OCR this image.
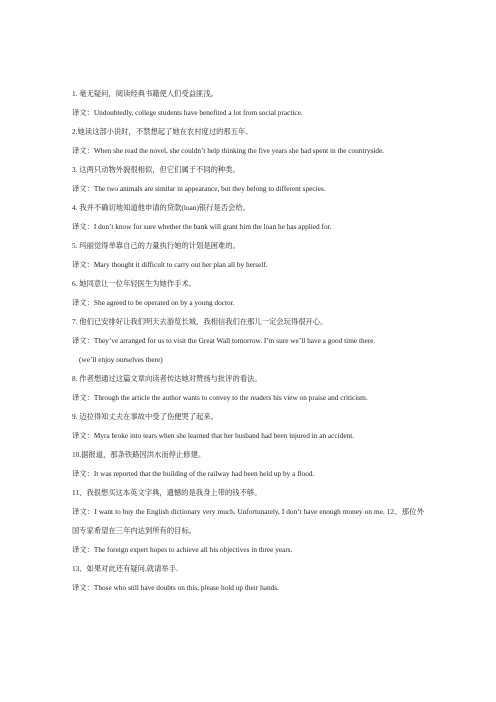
1. 毫无疑问，阅读经典书籍使人们受益匪浅。
译文：Undoubtedly, college students have benefited a lot from social practice.
2.她读这部小说时，不禁想起了她在农村度过的那五年。
译文：When she read the novel, she couldn’t help thinking the five years she had spent in the countryside.
3. 这两只动物外貌很相似，但它们属于不同的种类。
译文：The two animals are similar in appearance, but they belong to different species.
4. 我并不确切地知道他申请的贷款(loan)银行是否会给。
译文：I don’t know for sure whether the bank will grant him the loan he has applied for.
5. 玛丽觉得单靠自己的力量执行她的计划是困难的。
译文：Mary thought it difficult to carry out her plan all by herself.
6. 她同意让一位年轻医生为她作手术。
译文：She agreed to be operated on by a young doctor.
7. 他们已安排好让我们明天去游览长城，我相信我们在那儿一定会玩得很开心。
译文：They’ve arranged for us to visit the Great Wall tomorrow. I’m sure we’ll have a good time there.
(we’ll enjoy ourselves there)
8. 作者想通过这篇文章向读者传达她对赞扬与批评的看法。
译文：Through the article the author wants to convey to the readers his view on praise and criticism.
9. 迈拉得知丈夫在事故中受了伤便哭了起来。
译文：Myra broke into tears when she learned that her husband had been injured in an accident.
10.据报道，那条铁路因洪水而停止修建。
译文：It was reported that the building of the railway had been held up by a flood.
11、我很想买这本英文字典，遗憾的是我身上带的钱不够。
译文：I want to buy the English dictionary very much. Unfortunately, I don’t have enough money on me. 12、那位外国专家希望在三年内达到所有的目标。
译文：The foreign expert hopes to achieve all his objectives in three years.
13、如果对此还有疑问,就请举手.
译文：Those who still have doubts on this, please hold up their hands.
